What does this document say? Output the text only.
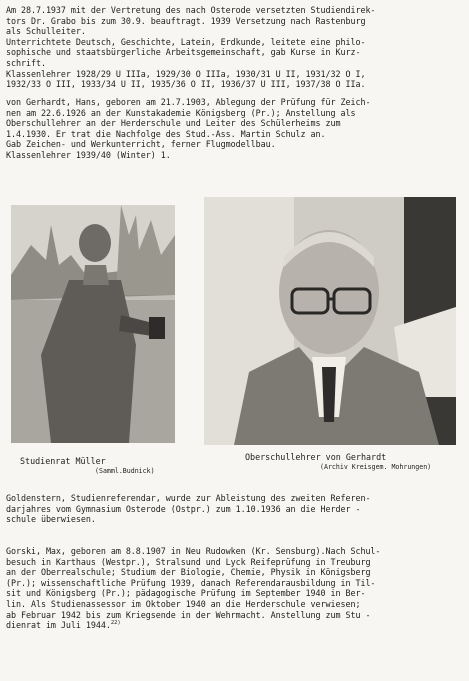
Am 28.7.1937 mit der Vertretung des nach Osterode versetzten Studiendirek-
tors Dr. Grabo bis zum 30.9. beauftragt. 1939 Versetzung nach Rastenburg
als Schulleiter.
Unterrichtete Deutsch, Geschichte, Latein, Erdkunde, leitete eine philo-
sophische und staatsbürgerliche Arbeitsgemeinschaft, gab Kurse in Kurz-
schrift.
Klassenlehrer 1928/29 U IIIa, 1929/30 O IIIa, 1930/31 U II, 1931/32 O I,
1932/33 O III, 1933/34 U II, 1935/36 O II, 1936/37 U III, 1937/38 O IIa.
von Gerhardt, Hans, geboren am 21.7.1903, Ablegung der Prüfung für Zeich-
nen am 22.6.1926 an der Kunstakademie Königsberg (Pr.); Anstellung als
Oberschullehrer an der Herderschule und Leiter des Schülerheims zum
1.4.1930. Er trat die Nachfolge des Stud.-Ass. Martin Schulz an.
Gab Zeichen- und Werkunterricht, ferner Flugmodellbau.
Klassenlehrer 1939/40 (Winter) 1.
Studienrat Müller
(Samml.Budnick)
Oberschullehrer von Gerhardt
(Archiv Kreisgem. Mohrungen)
Goldenstern, Studienreferendar, wurde zur Ableistung des zweiten Referen-
darjahres vom Gymnasium Osterode (Ostpr.) zum 1.10.1936 an die Herder -
schule überwiesen.
Gorski, Max, geboren am 8.8.1907 in Neu Rudowken (Kr. Sensburg).Nach Schul-
besuch in Karthaus (Westpr.), Stralsund und Lyck Reifeprüfung in Treuburg
an der Oberrealschule; Studium der Biologie, Chemie, Physik in Königsberg
(Pr.); wissenschaftliche Prüfung 1939, danach Referendarausbildung in Til-
sit und Königsberg (Pr.); pädagogische Prüfung im September 1940 in Ber-
lin. Als Studienassessor im Oktober 1940 an die Herderschule verwiesen;
ab Februar 1942 bis zum Kriegsende in der Wehrmacht. Anstellung zum Stu -
dienrat im Juli 1944.$^{22)}$
